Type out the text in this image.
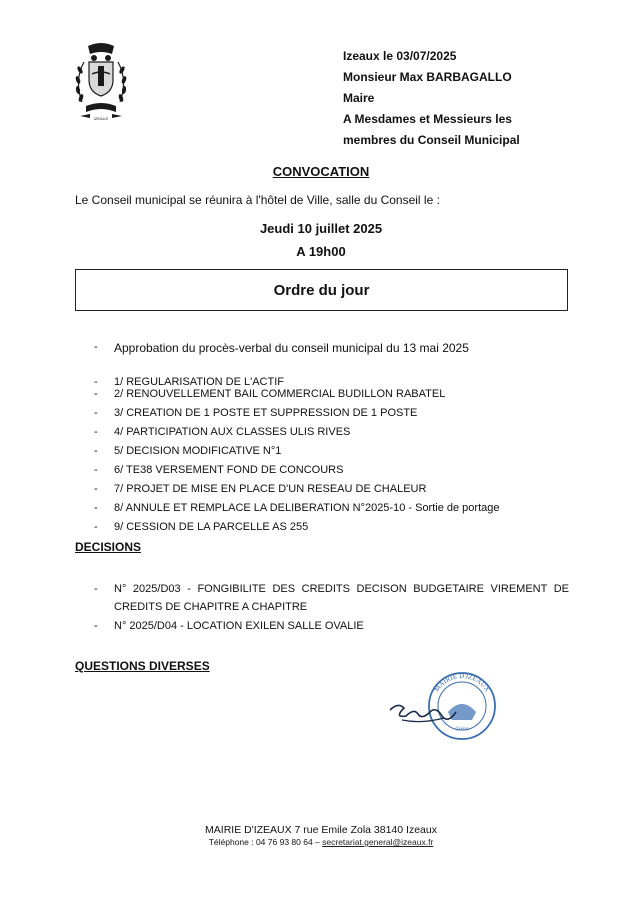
IZEAUX
Izeaux le 03/07/2025
Monsieur Max BARBAGALLO
Maire
A Mesdames et Messieurs les
membres du Conseil Municipal
CONVOCATION
Le Conseil municipal se réunira à l'hôtel de Ville, salle du Conseil le :
Jeudi 10 juillet 2025
A 19h00
Ordre du jour
- Approbation du procès-verbal du conseil municipal du 13 mai 2025
- 1/ REGULARISATION DE L'ACTIF
- 2/ RENOUVELLEMENT BAIL COMMERCIAL BUDILLON RABATEL
- 3/ CREATION DE 1 POSTE ET SUPPRESSION DE 1 POSTE
- 4/ PARTICIPATION AUX CLASSES ULIS RIVES
- 5/ DECISION MODIFICATIVE N°1
- 6/ TE38 VERSEMENT FOND DE CONCOURS
- 7/ PROJET DE MISE EN PLACE D'UN RESEAU DE CHALEUR
- 8/ ANNULE ET REMPLACE LA DELIBERATION N°2025-10 - Sortie de portage
- 9/ CESSION DE LA PARCELLE AS 255
DECISIONS
- N° 2025/D03 - FONGIBILITE DES CREDITS DECISON BUDGETAIRE VIREMENT DE CREDITS DE CHAPITRE A CHAPITRE
- N° 2025/D04 - LOCATION EXILEN SALLE OVALIE
QUESTIONS DIVERSES
MAIRIE D'IZEAUX
(Isère)
MAIRIE D'IZEAUX 7 rue Emile Zola 38140 Izeaux
Téléphone : 04 76 93 80 64 – secretariat.general@izeaux.fr
